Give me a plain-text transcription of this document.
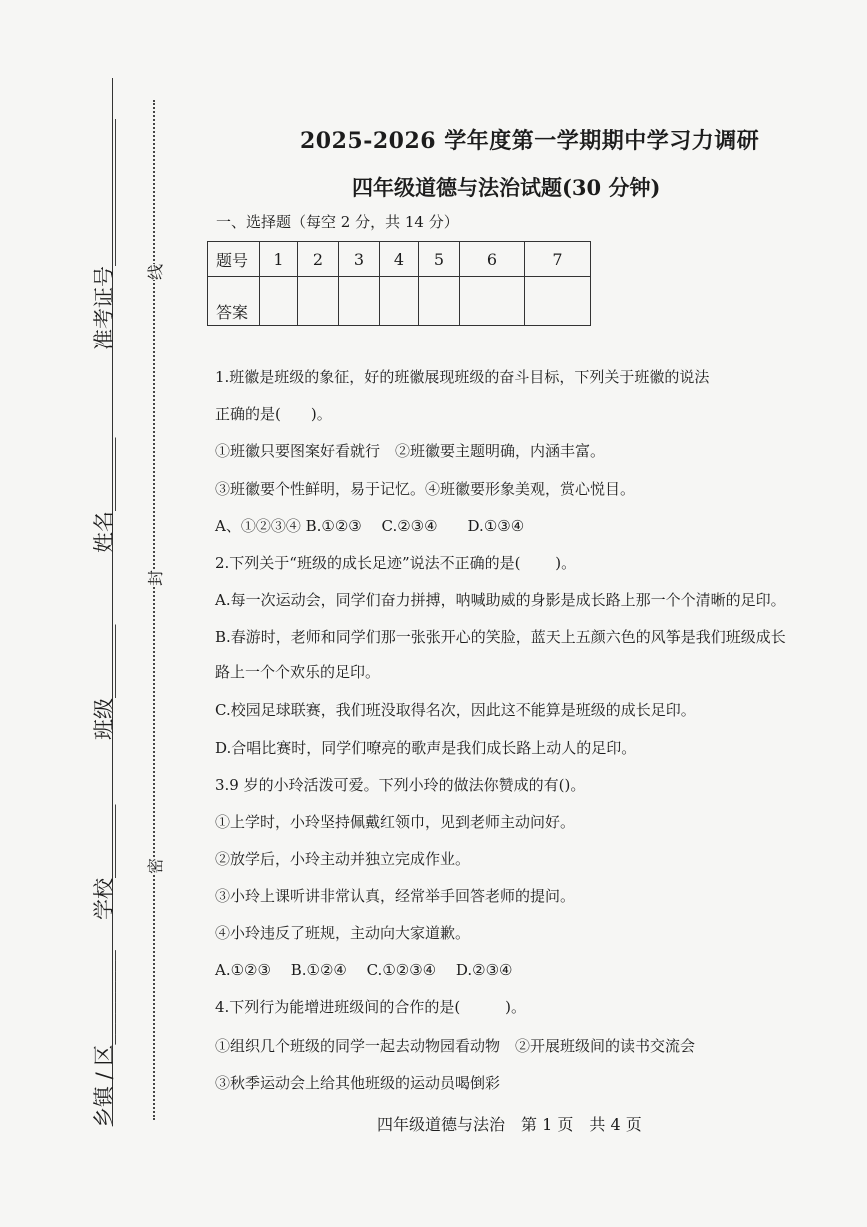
准考证号______________
姓名_______
班级_______
学校_______
乡镇 / 区_________
线
封
密
2025-2026 学年度第一学期期中学习力调研
四年级道德与法治试题(30 分钟)
一、选择题（每空 2 分，共 14 分）
题号	1	2	3	4	5	6	7
答案							
1.班徽是班级的象征，好的班徽展现班级的奋斗目标，下列关于班徽的说法
正确的是(　　)。
①班徽只要图案好看就行　②班徽要主题明确，内涵丰富。
③班徽要个性鲜明，易于记忆。④班徽要形象美观，赏心悦目。
A、①②③④ B.①②③　 C.②③④　　D.①③④
2.下列关于“班级的成长足迹”说法不正确的是(　　 )。
A.每一次运动会，同学们奋力拼搏，呐喊助威的身影是成长路上那一个个清晰的足印。
B.春游时，老师和同学们那一张张开心的笑脸，蓝天上五颜六色的风筝是我们班级成长
路上一个个欢乐的足印。
C.校园足球联赛，我们班没取得名次，因此这不能算是班级的成长足印。
D.合唱比赛时，同学们嘹亮的歌声是我们成长路上动人的足印。
3.9 岁的小玲活泼可爱。下列小玲的做法你赞成的有()。
①上学时，小玲坚持佩戴红领巾，见到老师主动问好。
②放学后，小玲主动并独立完成作业。
③小玲上课听讲非常认真，经常举手回答老师的提问。
④小玲违反了班规，主动向大家道歉。
A.①②③　 B.①②④　 C.①②③④　 D.②③④
4.下列行为能增进班级间的合作的是(　　　)。
①组织几个班级的同学一起去动物园看动物　②开展班级间的读书交流会
③秋季运动会上给其他班级的运动员喝倒彩
四年级道德与法治　第 1 页　共 4 页
